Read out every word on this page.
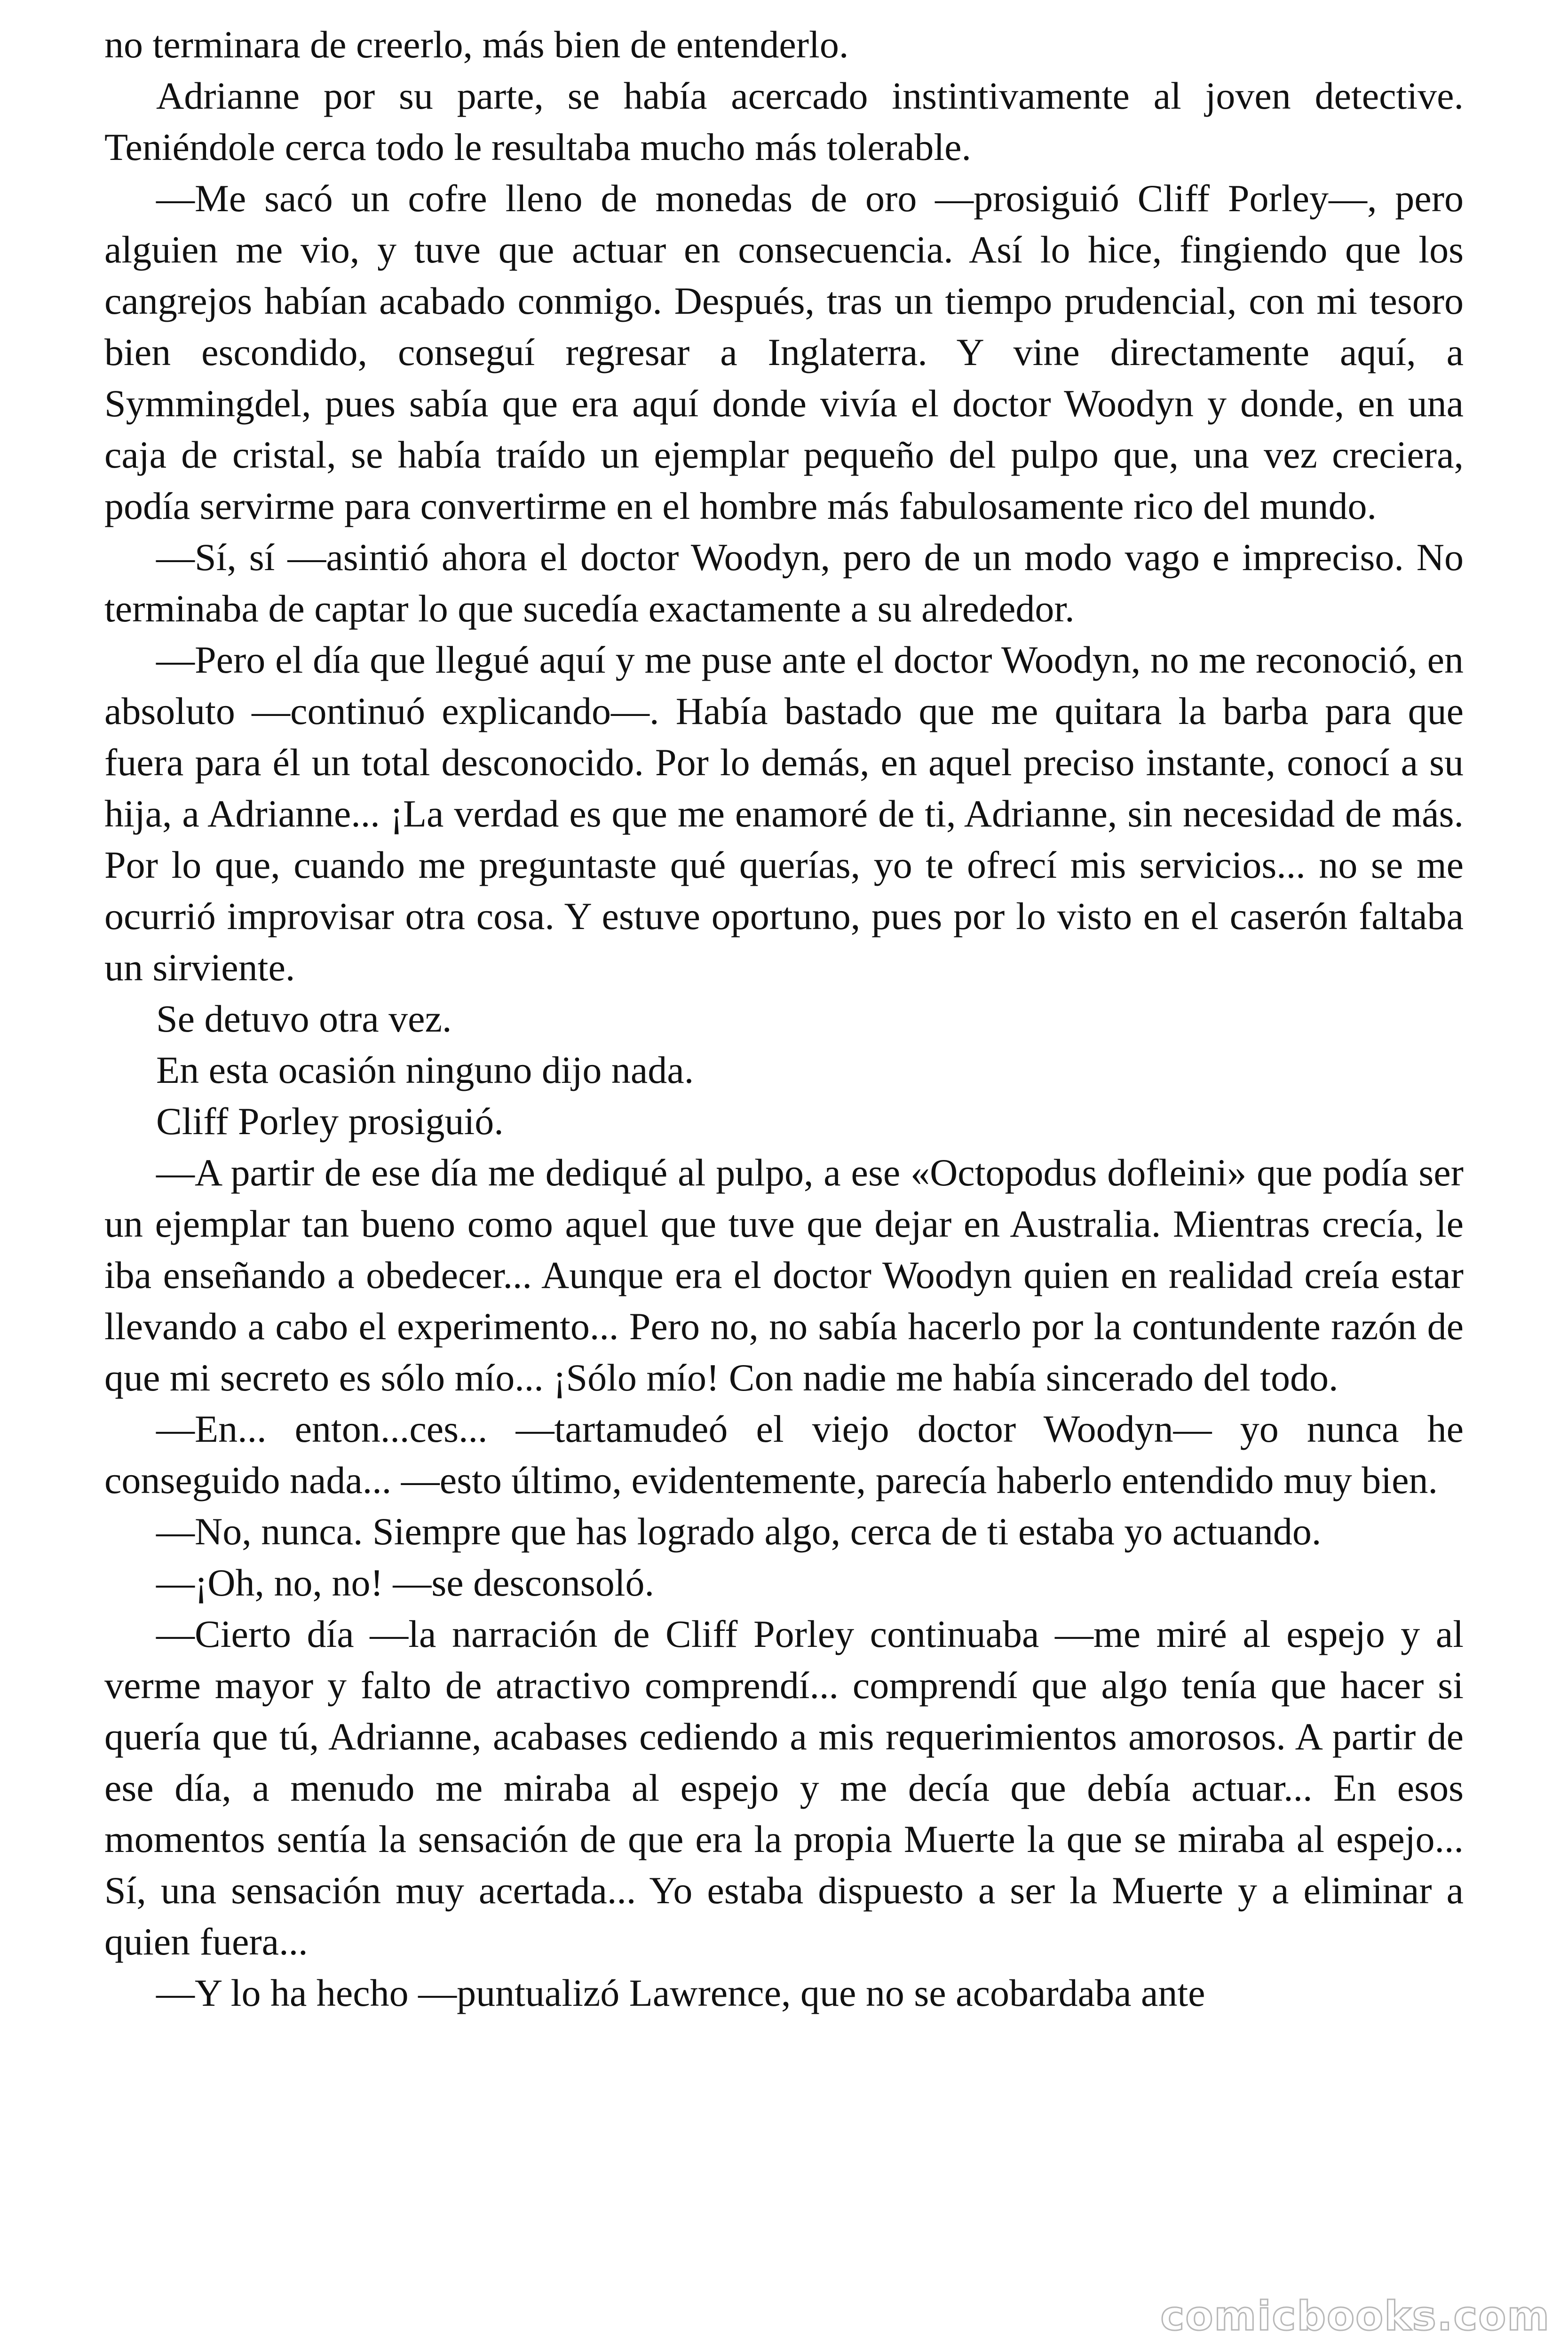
no terminara de creerlo, más bien de entenderlo.

Adrianne por su parte, se había acercado instintivamente al joven detective. Teniéndole cerca todo le resultaba mucho más tolerable.

—Me sacó un cofre lleno de monedas de oro —prosiguió Cliff Porley—, pero alguien me vio, y tuve que actuar en consecuencia. Así lo hice, fingiendo que los cangrejos habían acabado conmigo. Después, tras un tiempo prudencial, con mi tesoro bien escondido, conseguí regresar a Inglaterra. Y vine directamente aquí, a Symmingdel, pues sabía que era aquí donde vivía el doctor Woodyn y donde, en una caja de cristal, se había traído un ejemplar pequeño del pulpo que, una vez creciera, podía servirme para convertirme en el hombre más fabulosamente rico del mundo.

—Sí, sí —asintió ahora el doctor Woodyn, pero de un modo vago e impreciso. No terminaba de captar lo que sucedía exactamente a su alrededor.

—Pero el día que llegué aquí y me puse ante el doctor Woodyn, no me reconoció, en absoluto —continuó explicando—. Había bastado que me quitara la barba para que fuera para él un total desconocido. Por lo demás, en aquel preciso instante, conocí a su hija, a Adrianne... ¡La verdad es que me enamoré de ti, Adrianne, sin necesidad de más. Por lo que, cuando me preguntaste qué querías, yo te ofrecí mis servicios... no se me ocurrió improvisar otra cosa. Y estuve oportuno, pues por lo visto en el caserón faltaba un sirviente.

Se detuvo otra vez.

En esta ocasión ninguno dijo nada.

Cliff Porley prosiguió.

—A partir de ese día me dediqué al pulpo, a ese «Octopodus dofleini» que podía ser un ejemplar tan bueno como aquel que tuve que dejar en Australia. Mientras crecía, le iba enseñando a obedecer... Aunque era el doctor Woodyn quien en realidad creía estar llevando a cabo el experimento... Pero no, no sabía hacerlo por la contundente razón de que mi secreto es sólo mío... ¡Sólo mío! Con nadie me había sincerado del todo.

—En... enton...ces... —tartamudeó el viejo doctor Woodyn— yo nunca he conseguido nada... —esto último, evidentemente, parecía haberlo entendido muy bien.

—No, nunca. Siempre que has logrado algo, cerca de ti estaba yo actuando.

—¡Oh, no, no! —se desconsoló.

—Cierto día —la narración de Cliff Porley continuaba —me miré al espejo y al verme mayor y falto de atractivo comprendí... comprendí que algo tenía que hacer si quería que tú, Adrianne, acabases cediendo a mis requerimientos amorosos. A partir de ese día, a menudo me miraba al espejo y me decía que debía actuar... En esos momentos sentía la sensación de que era la propia Muerte la que se miraba al espejo... Sí, una sensación muy acertada... Yo estaba dispuesto a ser la Muerte y a eliminar a quien fuera...

—Y lo ha hecho —puntualizó Lawrence, que no se acobardaba ante

comicbooks.com
